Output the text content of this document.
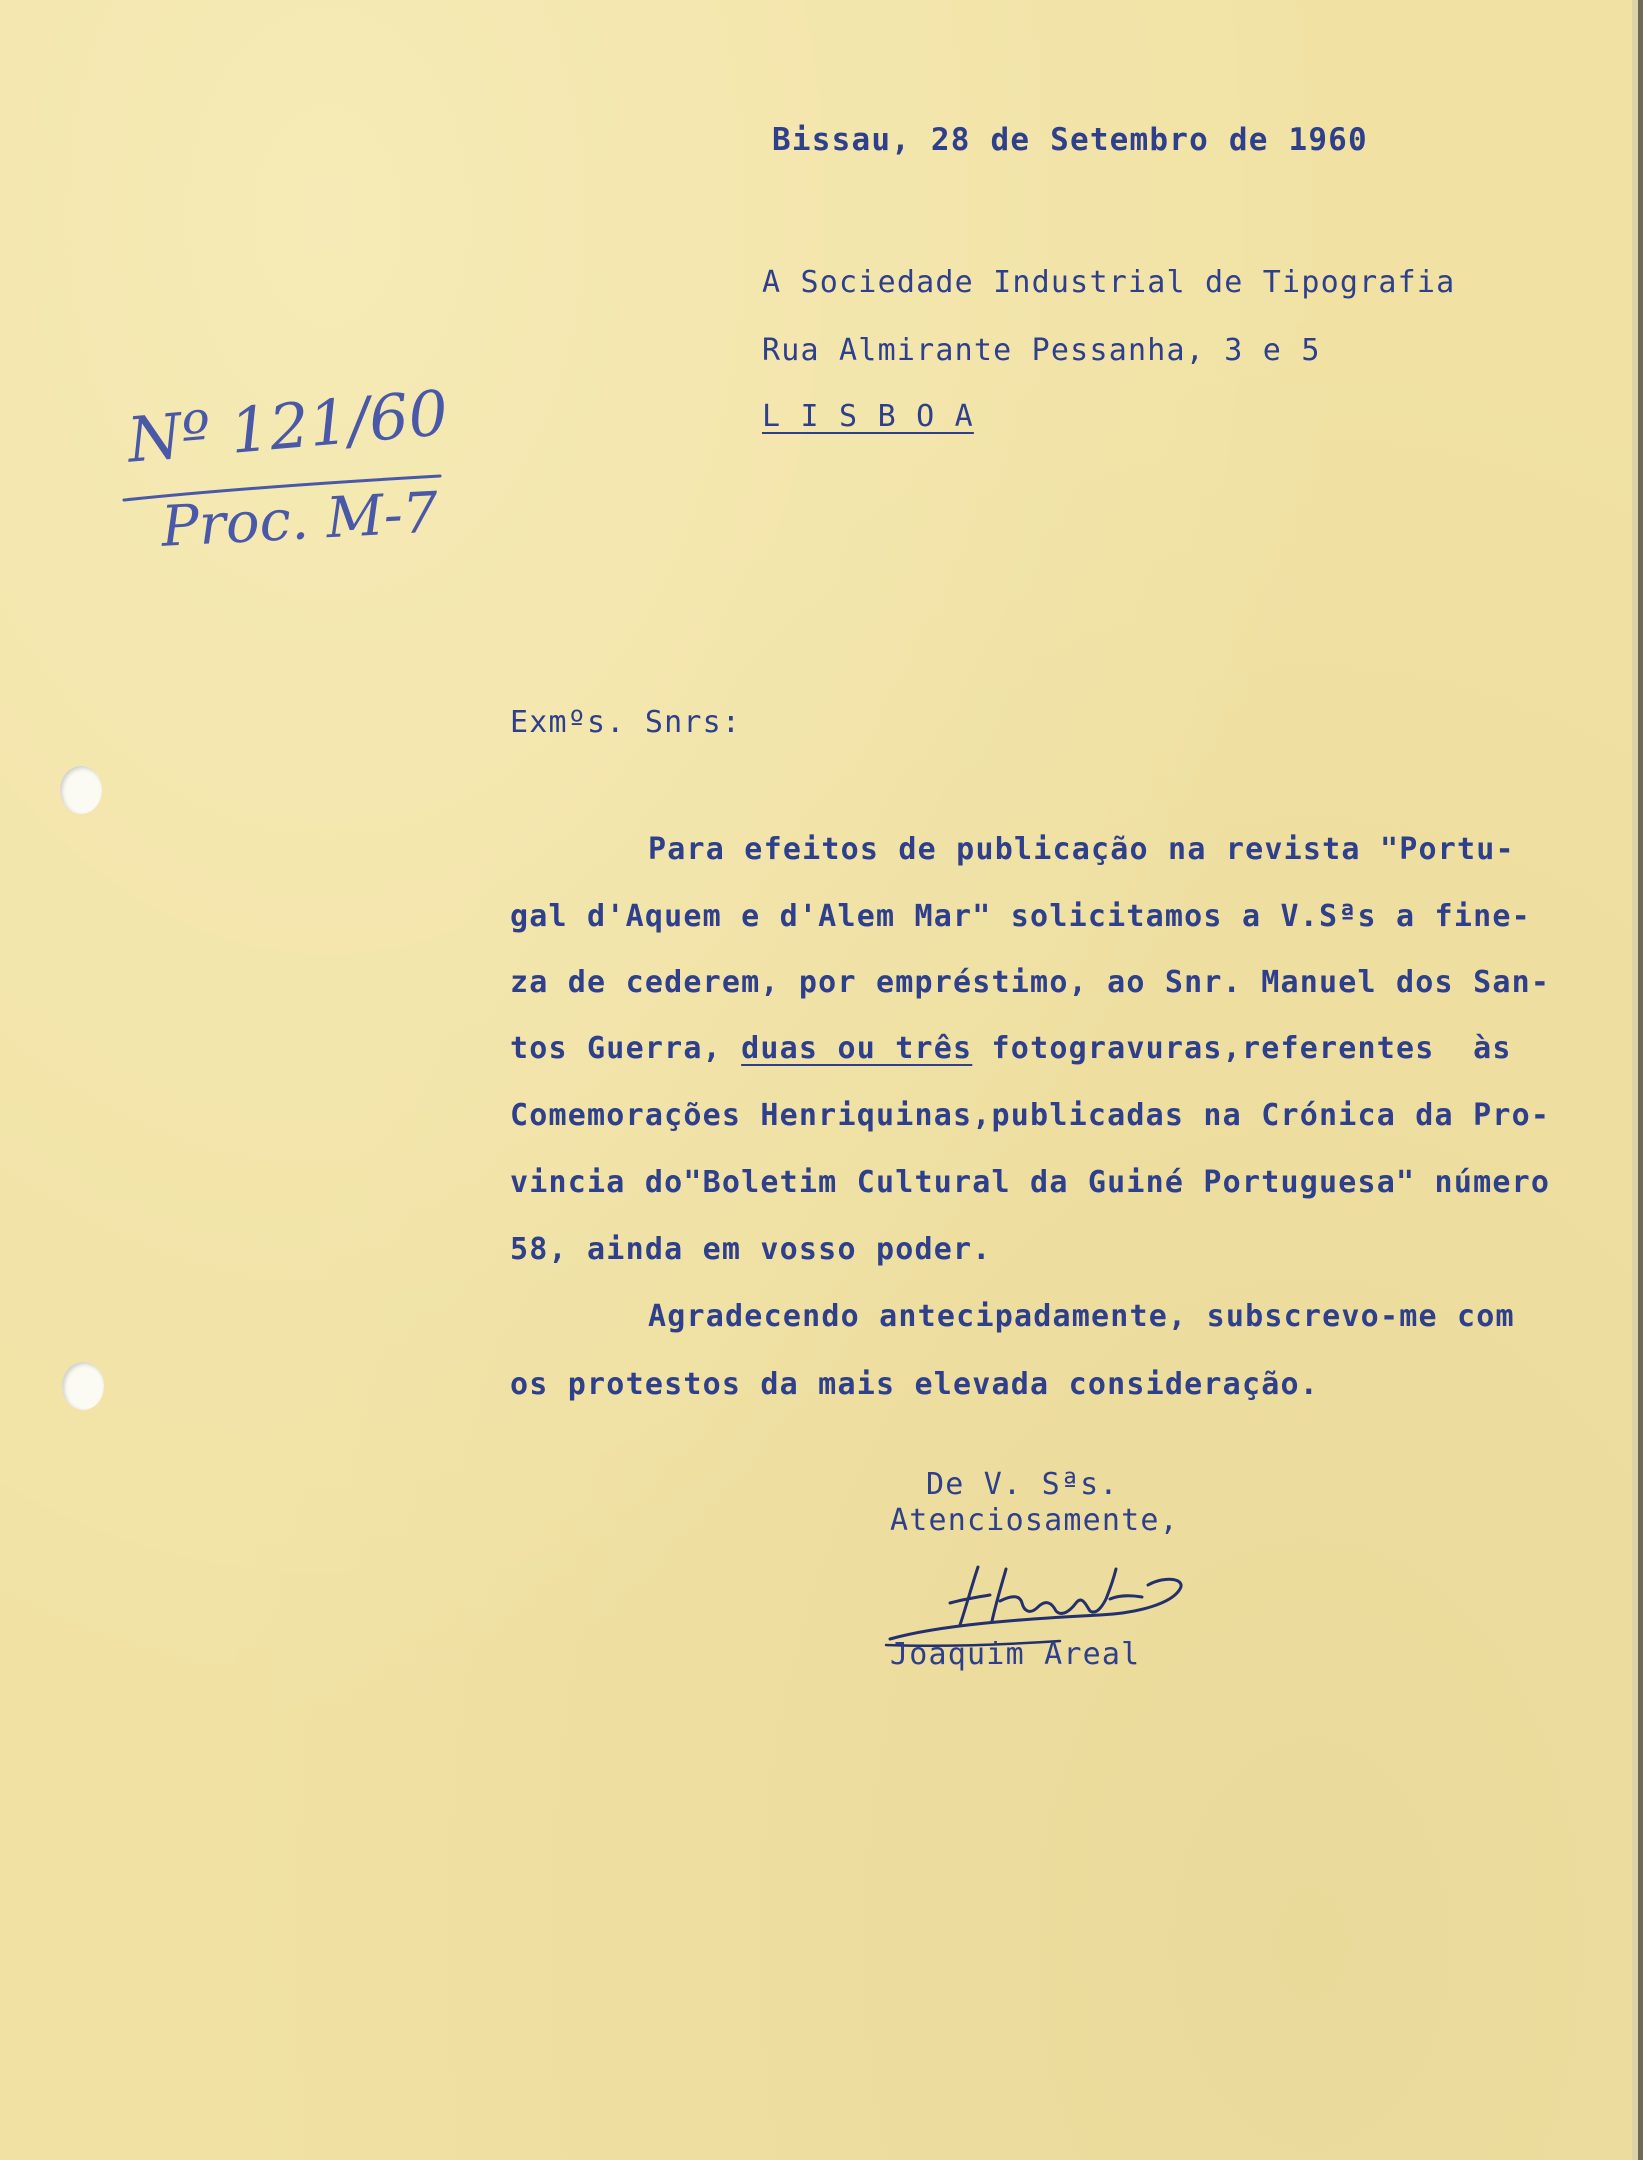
Bissau, 28 de Setembro de 1960
A Sociedade Industrial de Tipografia
Rua Almirante Pessanha, 3 e 5
L I S B O A
Nº 121/60
Proc. M-7
Exmºs. Snrs:
Para efeitos de publicação na revista "Portu-
gal d'Aquem e d'Alem Mar" solicitamos a V.Sªs a fine-
za de cederem, por empréstimo, ao Snr. Manuel dos San-
tos Guerra, duas ou três fotogravuras,referentes  às
Comemorações Henriquinas,publicadas na Crónica da Pro-
vincia do"Boletim Cultural da Guiné Portuguesa" número
58, ainda em vosso poder.
Agradecendo antecipadamente, subscrevo-me com
os protestos da mais elevada consideração.
De V. Sªs.
Atenciosamente,
Joaquim Areal
